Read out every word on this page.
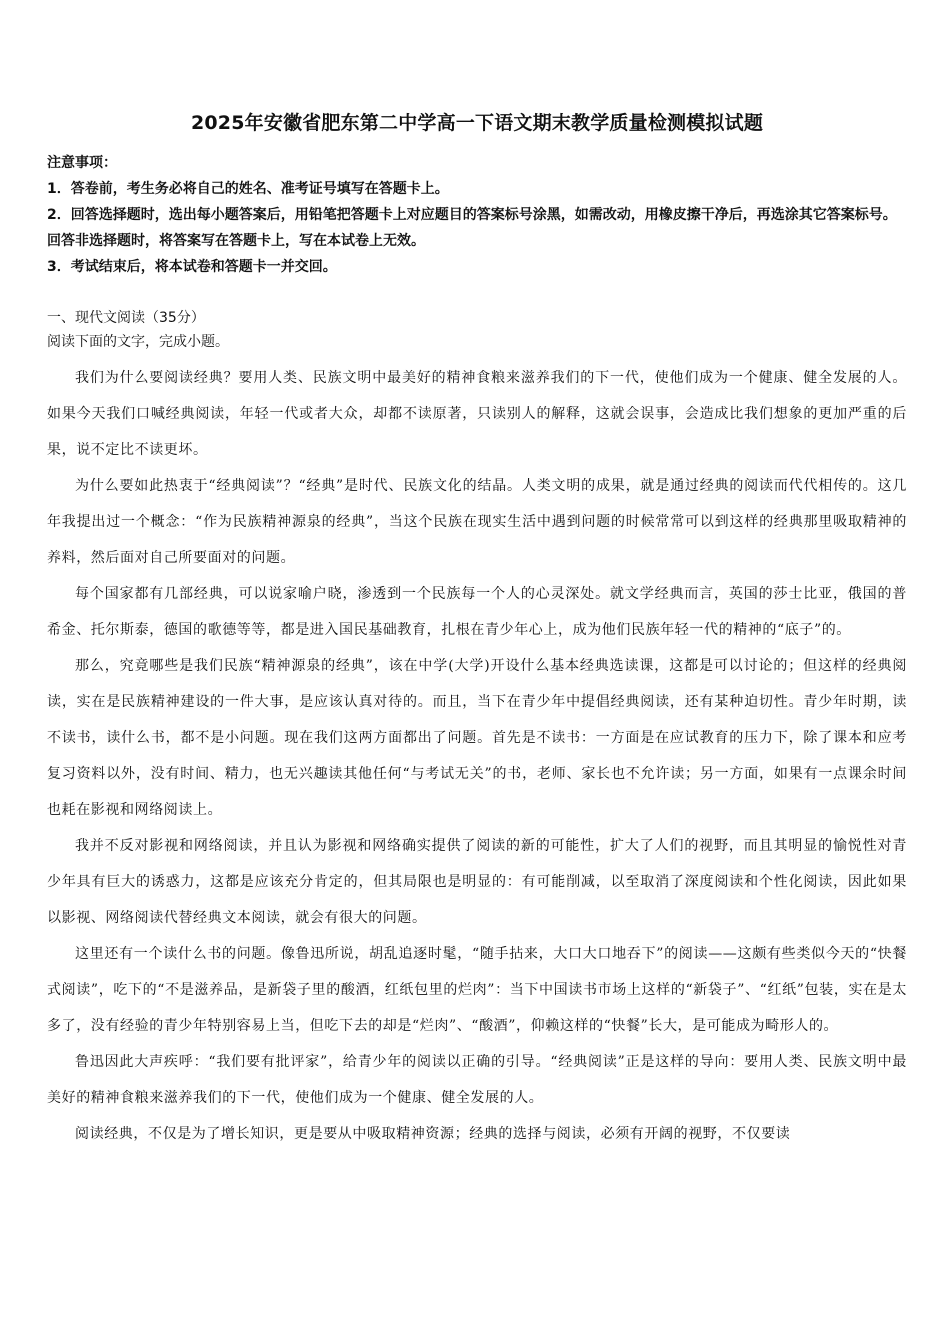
2025年安徽省肥东第二中学高一下语文期末教学质量检测模拟试题
注意事项：
1．答卷前，考生务必将自己的姓名、准考证号填写在答题卡上。
2．回答选择题时，选出每小题答案后，用铅笔把答题卡上对应题目的答案标号涂黑，如需改动，用橡皮擦干净后，再选涂其它答案标号。回答非选择题时，将答案写在答题卡上，写在本试卷上无效。
3．考试结束后，将本试卷和答题卡一并交回。
一、现代文阅读（35分）
阅读下面的文字，完成小题。

我们为什么要阅读经典？要用人类、民族文明中最美好的精神食粮来滋养我们的下一代，使他们成为一个健康、健全发展的人。如果今天我们口喊经典阅读，年轻一代或者大众，却都不读原著，只读别人的解释，这就会误事，会造成比我们想象的更加严重的后果，说不定比不读更坏。

为什么要如此热衷于“经典阅读”？“经典”是时代、民族文化的结晶。人类文明的成果，就是通过经典的阅读而代代相传的。这几年我提出过一个概念：“作为民族精神源泉的经典”，当这个民族在现实生活中遇到问题的时候常常可以到这样的经典那里吸取精神的养料，然后面对自己所要面对的问题。

每个国家都有几部经典，可以说家喻户晓，渗透到一个民族每一个人的心灵深处。就文学经典而言，英国的莎士比亚，俄国的普希金、托尔斯泰，德国的歌德等等，都是进入国民基础教育，扎根在青少年心上，成为他们民族年轻一代的精神的“底子”的。

那么，究竟哪些是我们民族“精神源泉的经典”，该在中学(大学)开设什么基本经典选读课，这都是可以讨论的；但这样的经典阅读，实在是民族精神建设的一件大事，是应该认真对待的。而且，当下在青少年中提倡经典阅读，还有某种迫切性。青少年时期，读不读书，读什么书，都不是小问题。现在我们这两方面都出了问题。首先是不读书：一方面是在应试教育的压力下，除了课本和应考复习资料以外，没有时间、精力，也无兴趣读其他任何“与考试无关”的书，老师、家长也不允许读；另一方面，如果有一点课余时间也耗在影视和网络阅读上。

我并不反对影视和网络阅读，并且认为影视和网络确实提供了阅读的新的可能性，扩大了人们的视野，而且其明显的愉悦性对青少年具有巨大的诱惑力，这都是应该充分肯定的，但其局限也是明显的：有可能削减，以至取消了深度阅读和个性化阅读，因此如果以影视、网络阅读代替经典文本阅读，就会有很大的问题。

这里还有一个读什么书的问题。像鲁迅所说，胡乱追逐时髦，“随手拈来，大口大口地吞下”的阅读——这颇有些类似今天的“快餐式阅读”，吃下的“不是滋养品，是新袋子里的酸酒，红纸包里的烂肉”：当下中国读书市场上这样的“新袋子”、“红纸”包装，实在是太多了，没有经验的青少年特别容易上当，但吃下去的却是“烂肉”、“酸酒”，仰赖这样的“快餐”长大，是可能成为畸形人的。

鲁迅因此大声疾呼：“我们要有批评家”，给青少年的阅读以正确的引导。“经典阅读”正是这样的导向：要用人类、民族文明中最美好的精神食粮来滋养我们的下一代，使他们成为一个健康、健全发展的人。

阅读经典，不仅是为了增长知识，更是要从中吸取精神资源；经典的选择与阅读，必须有开阔的视野，不仅要读
